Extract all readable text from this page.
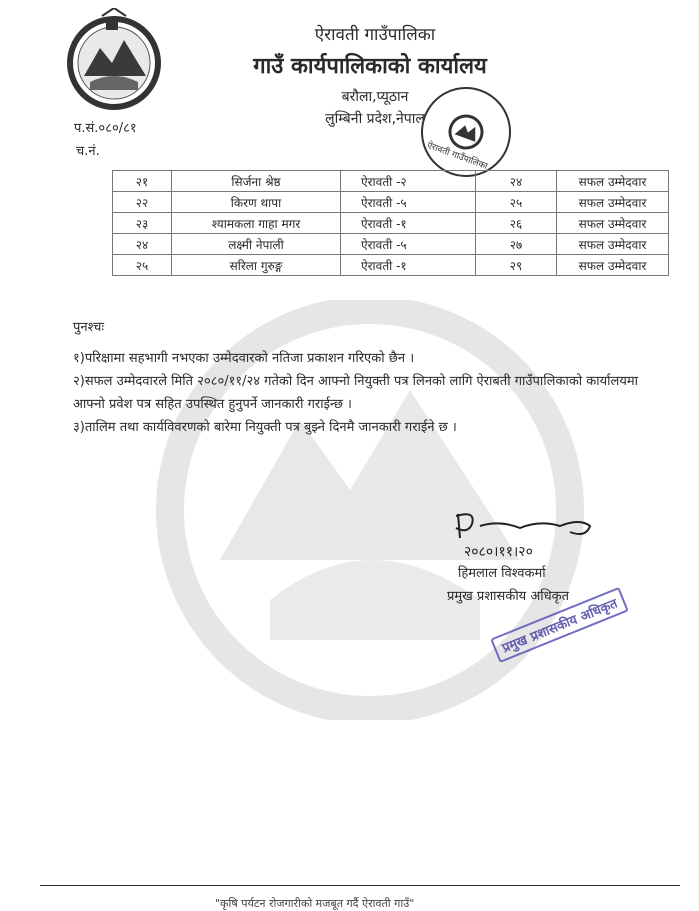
ऐरावती गाउँपालिका
गाउँ कार्यपालिकाको कार्यालय
बरौला,प्यूठान
लुम्बिनी प्रदेश,नेपाल
प.सं.०८०/८१
च.नं.	ऐरावती गाउँपालिका
२१	सिर्जना श्रेष्ठ	ऐरावती -२	२४	सफल उम्मेदवार
२२	किरण थापा	ऐरावती -५	२५	सफल उम्मेदवार
२३	श्यामकला गाहा मगर	ऐरावती -१	२६	सफल उम्मेदवार
२४	लक्ष्मी नेपाली	ऐरावती -५	२७	सफल उम्मेदवार
२५	सरिला गुरुङ्ग	ऐरावती -१	२९	सफल उम्मेदवार

पुनश्चः

१)परिक्षामा सहभागी नभएका उम्मेदवारको नतिजा प्रकाशन गरिएको छैन ।

२)सफल उम्मेदवारले मिति २०८०/११/२४ गतेको दिन आफ्नो नियुक्ती पत्र लिनको लागि ऐराबती गाउँपालिकाको कार्यालयमा आफ्नो प्रवेश पत्र सहित उपस्थित हुनुपर्ने जानकारी गराईन्छ ।

३)तालिम तथा कार्यविवरणको बारेमा नियुक्ती पत्र बुझ्ने दिनमै जानकारी गराईने छ ।

२०८०।११।२०
हिमलाल विश्वकर्मा
प्रमुख प्रशासकीय अधिकृत
प्रमुख प्रशासकीय अधिकृत
"कृषि पर्यटन रोजगारीको मजबूत गर्दै ऐरावती गाउँ"
